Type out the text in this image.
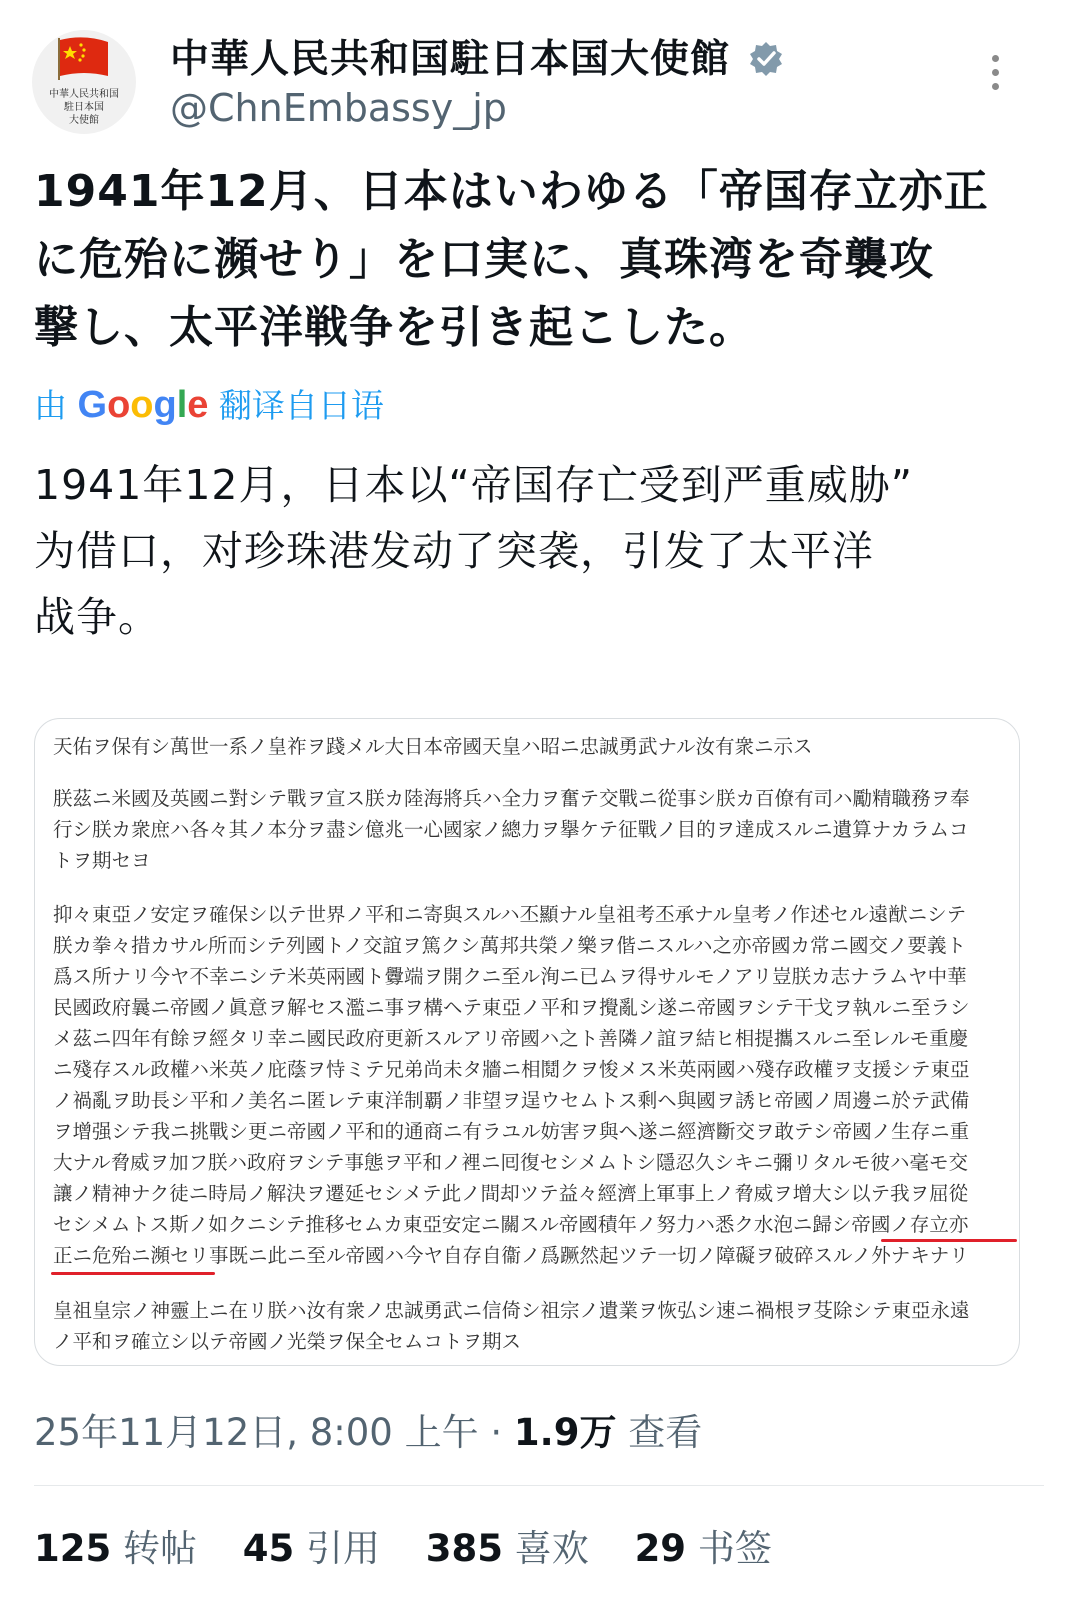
中華人民共和国
駐日本国
大使館
中華人民共和国駐日本国大使館
@ChnEmbassy_jp
1941年12月、日本はいわゆる「帝国存立亦正
に危殆に瀕せり」を口実に、真珠湾を奇襲攻
撃し、太平洋戦争を引き起こした。
由 Google 翻译自日语
1941年12月，日本以“帝国存亡受到严重威胁”
为借口，对珍珠港发动了突袭，引发了太平洋
战争。
天佑ヲ保有シ萬世一系ノ皇祚ヲ踐メル大日本帝國天皇ハ昭ニ忠誠勇武ナル汝有衆ニ示ス
朕茲ニ米國及英國ニ對シテ戰ヲ宣ス朕カ陸海將兵ハ全力ヲ奮テ交戰ニ從事シ朕カ百僚有司ハ勵精職務ヲ奉
行シ朕カ衆庶ハ各々其ノ本分ヲ盡シ億兆一心國家ノ總力ヲ擧ケテ征戰ノ目的ヲ達成スルニ遺算ナカラムコ
トヲ期セヨ
抑々東亞ノ安定ヲ確保シ以テ世界ノ平和ニ寄與スルハ丕顯ナル皇祖考丕承ナル皇考ノ作述セル遠猷ニシテ
朕カ拳々措カサル所而シテ列國トノ交誼ヲ篤クシ萬邦共榮ノ樂ヲ偕ニスルハ之亦帝國カ常ニ國交ノ要義ト
爲ス所ナリ今ヤ不幸ニシテ米英兩國ト釁端ヲ開クニ至ル洵ニ已ムヲ得サルモノアリ豈朕カ志ナラムヤ中華
民國政府曩ニ帝國ノ眞意ヲ解セス濫ニ事ヲ構ヘテ東亞ノ平和ヲ攪亂シ遂ニ帝國ヲシテ干戈ヲ執ルニ至ラシ
メ茲ニ四年有餘ヲ經タリ幸ニ國民政府更新スルアリ帝國ハ之ト善隣ノ誼ヲ結ヒ相提攜スルニ至レルモ重慶
ニ殘存スル政權ハ米英ノ庇蔭ヲ恃ミテ兄弟尚未タ牆ニ相鬩クヲ悛メス米英兩國ハ殘存政權ヲ支援シテ東亞
ノ禍亂ヲ助長シ平和ノ美名ニ匿レテ東洋制覇ノ非望ヲ逞ウセムトス剩ヘ與國ヲ誘ヒ帝國ノ周邊ニ於テ武備
ヲ增强シテ我ニ挑戰シ更ニ帝國ノ平和的通商ニ有ラユル妨害ヲ與ヘ遂ニ經濟斷交ヲ敢テシ帝國ノ生存ニ重
大ナル脅威ヲ加フ朕ハ政府ヲシテ事態ヲ平和ノ裡ニ囘復セシメムトシ隱忍久シキニ彌リタルモ彼ハ毫モ交
讓ノ精神ナク徒ニ時局ノ解決ヲ遷延セシメテ此ノ間却ツテ益々經濟上軍事上ノ脅威ヲ增大シ以テ我ヲ屈從
セシメムトス斯ノ如クニシテ推移セムカ東亞安定ニ關スル帝國積年ノ努力ハ悉ク水泡ニ歸シ帝國ノ存立亦
正ニ危殆ニ瀕セリ事既ニ此ニ至ル帝國ハ今ヤ自存自衞ノ爲蹶然起ツテ一切ノ障礙ヲ破碎スルノ外ナキナリ
皇祖皇宗ノ神靈上ニ在リ朕ハ汝有衆ノ忠誠勇武ニ信倚シ祖宗ノ遺業ヲ恢弘シ速ニ禍根ヲ芟除シテ東亞永遠
ノ平和ヲ確立シ以テ帝國ノ光榮ヲ保全セムコトヲ期ス
25年11月12日, 8:00 上午 · 1.9万 查看
125 转帖 45 引用 385 喜欢 29 书签
